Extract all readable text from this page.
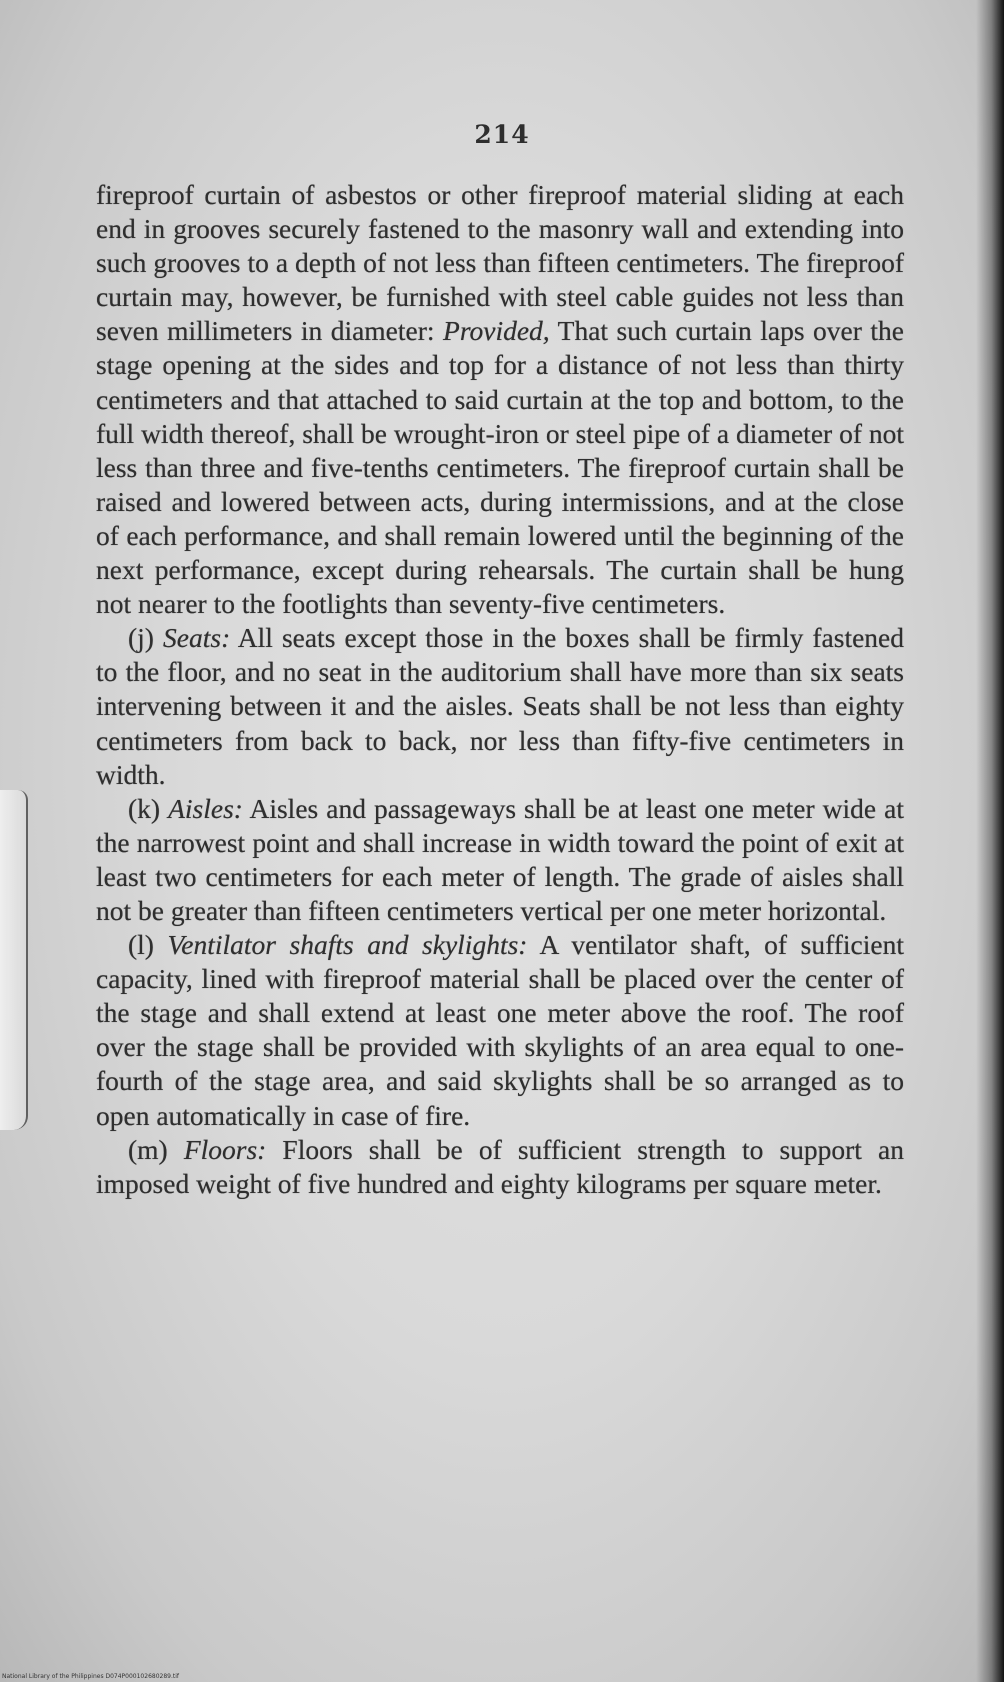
214

fireproof curtain of asbestos or other fireproof material sliding at each end in grooves securely fastened to the masonry wall and extending into such grooves to a depth of not less than fifteen centimeters. The fireproof curtain may, however, be furnished with steel cable guides not less than seven millimeters in diameter: Provided, That such curtain laps over the stage opening at the sides and top for a distance of not less than thirty centimeters and that attached to said curtain at the top and bottom, to the full width thereof, shall be wrought-iron or steel pipe of a diameter of not less than three and five-tenths centimeters. The fireproof curtain shall be raised and lowered between acts, during intermissions, and at the close of each performance, and shall remain lowered until the beginning of the next performance, except during rehearsals. The curtain shall be hung not nearer to the footlights than seventy-five centimeters.

(j) Seats: All seats except those in the boxes shall be firmly fastened to the floor, and no seat in the auditorium shall have more than six seats intervening between it and the aisles. Seats shall be not less than eighty centimeters from back to back, nor less than fifty-five centimeters in width.

(k) Aisles: Aisles and passageways shall be at least one meter wide at the narrowest point and shall increase in width toward the point of exit at least two centimeters for each meter of length. The grade of aisles shall not be greater than fifteen centimeters vertical per one meter horizontal.

(l) Ventilator shafts and skylights: A ventilator shaft, of sufficient capacity, lined with fireproof material shall be placed over the center of the stage and shall extend at least one meter above the roof. The roof over the stage shall be provided with skylights of an area equal to one-fourth of the stage area, and said skylights shall be so arranged as to open automatically in case of fire.

(m) Floors: Floors shall be of sufficient strength to support an imposed weight of five hundred and eighty kilograms per square meter.

National Library of the Philippines D074P000102680289.tif
